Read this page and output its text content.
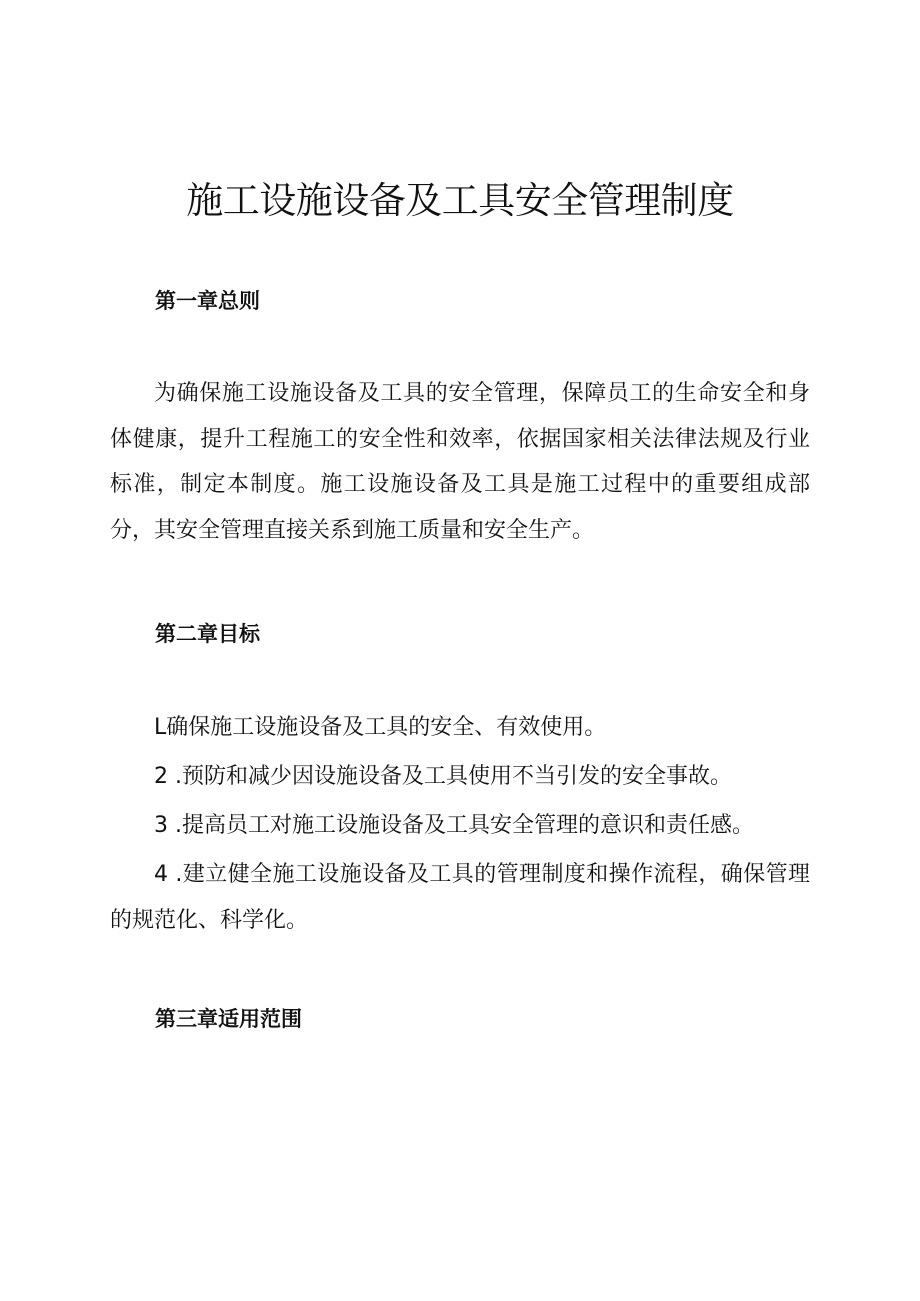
施工设施设备及工具安全管理制度
第一章总则

为确保施工设施设备及工具的安全管理，保障员工的生命安全和身体健康，提升工程施工的安全性和效率，依据国家相关法律法规及行业标准，制定本制度。施工设施设备及工具是施工过程中的重要组成部分，其安全管理直接关系到施工质量和安全生产。

第二章目标

L确保施工设施设备及工具的安全、有效使用。

2 .预防和减少因设施设备及工具使用不当引发的安全事故。

3 .提高员工对施工设施设备及工具安全管理的意识和责任感。

4 .建立健全施工设施设备及工具的管理制度和操作流程，确保管理的规范化、科学化。

第三章适用范围
